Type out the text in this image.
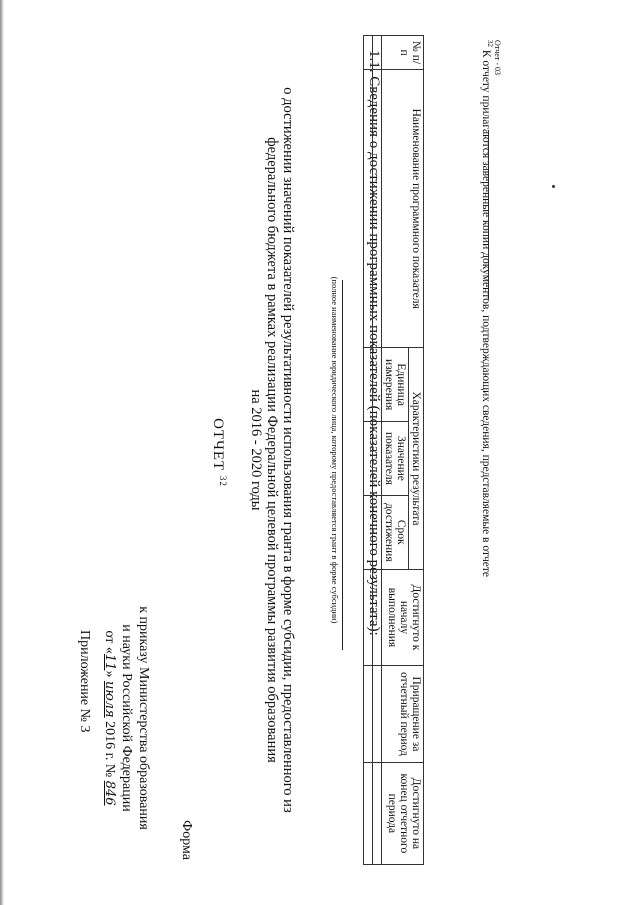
Приложение № 3	к приказу Министерства образования
и науки Российской Федерации
от «11» июля 2016 г. № 846
Форма
ОТЧЕТ $^{32}$	о достижении значений показателей результативности использования гранта в форме субсидии, предоставленного из
федерального бюджета в рамках реализации Федеральной целевой программы развития образования
на 2016 - 2020 годы	(полное наименование юридического лица, которому предоставляется грант в форме субсидии) 1.1. Сведения о достижении программных показателей (показателей конечного результата): № п/п	Наименование программного показателя	Характеристики результата			Достигнуто к началу выполнения	Приращение за отчетный период	Достигнуто на конец отчетного периода
		Единица измерения	Значение показателя	Срок достижения			

$^{32}$ К отчету прилагаются заверенные копии документов, подтверждающих сведения, представляемые в отчете Отчет - 03
